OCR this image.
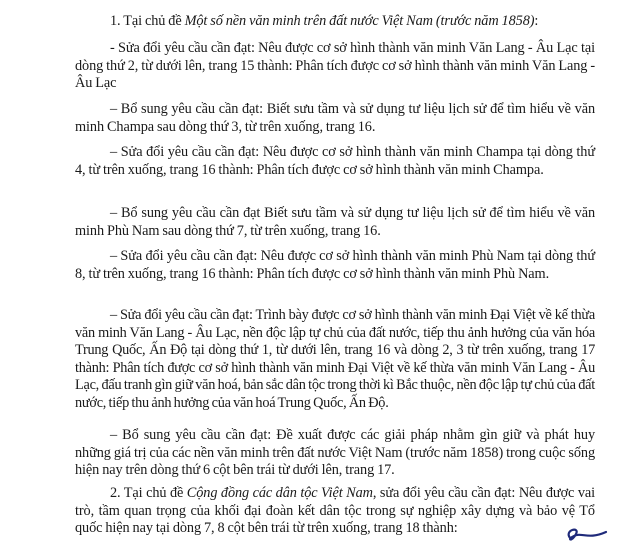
1. Tại chủ đề Một số nền văn minh trên đất nước Việt Nam (trước năm 1858):

- Sửa đổi yêu cầu cần đạt: Nêu được cơ sở hình thành văn minh Văn Lang - Âu Lạc tại dòng thứ 2, từ dưới lên, trang 15 thành: Phân tích được cơ sở hình thành văn minh Văn Lang - Âu Lạc

– Bổ sung yêu cầu cần đạt: Biết sưu tầm và sử dụng tư liệu lịch sử để tìm hiểu về văn minh Champa sau dòng thứ 3, từ trên xuống, trang 16.

– Sửa đổi yêu cầu cần đạt: Nêu được cơ sở hình thành văn minh Champa tại dòng thứ 4, từ trên xuống, trang 16 thành: Phân tích được cơ sở hình thành văn minh Champa.

– Bổ sung yêu cầu cần đạt Biết sưu tầm và sử dụng tư liệu lịch sử để tìm hiểu về văn minh Phù Nam sau dòng thứ 7, từ trên xuống, trang 16.

– Sửa đổi yêu cầu cần đạt: Nêu được cơ sở hình thành văn minh Phù Nam tại dòng thứ 8, từ trên xuống, trang 16 thành: Phân tích được cơ sở hình thành văn minh Phù Nam.

– Sửa đổi yêu cầu cần đạt: Trình bày được cơ sở hình thành văn minh Đại Việt về kế thừa văn minh Văn Lang - Âu Lạc, nền độc lập tự chủ của đất nước, tiếp thu ảnh hưởng của văn hóa Trung Quốc, Ấn Độ tại dòng thứ 1, từ dưới lên, trang 16 và dòng 2, 3 từ trên xuống, trang 17 thành: Phân tích được cơ sở hình thành văn minh Đại Việt về kế thừa văn minh Văn Lang - Âu Lạc, đấu tranh gìn giữ văn hoá, bản sắc dân tộc trong thời kì Bắc thuộc, nền độc lập tự chủ của đất nước, tiếp thu ảnh hưởng của văn hoá Trung Quốc, Ấn Độ.

– Bổ sung yêu cầu cần đạt: Đề xuất được các giải pháp nhằm gìn giữ và phát huy những giá trị của các nền văn minh trên đất nước Việt Nam (trước năm 1858) trong cuộc sống hiện nay trên dòng thứ 6 cột bên trái từ dưới lên, trang 17.

2. Tại chủ đề Cộng đồng các dân tộc Việt Nam, sửa đổi yêu cầu cần đạt: Nêu được vai trò, tầm quan trọng của khối đại đoàn kết dân tộc trong sự nghiệp xây dựng và bảo vệ Tổ quốc hiện nay tại dòng 7, 8 cột bên trái từ trên xuống, trang 18 thành:
